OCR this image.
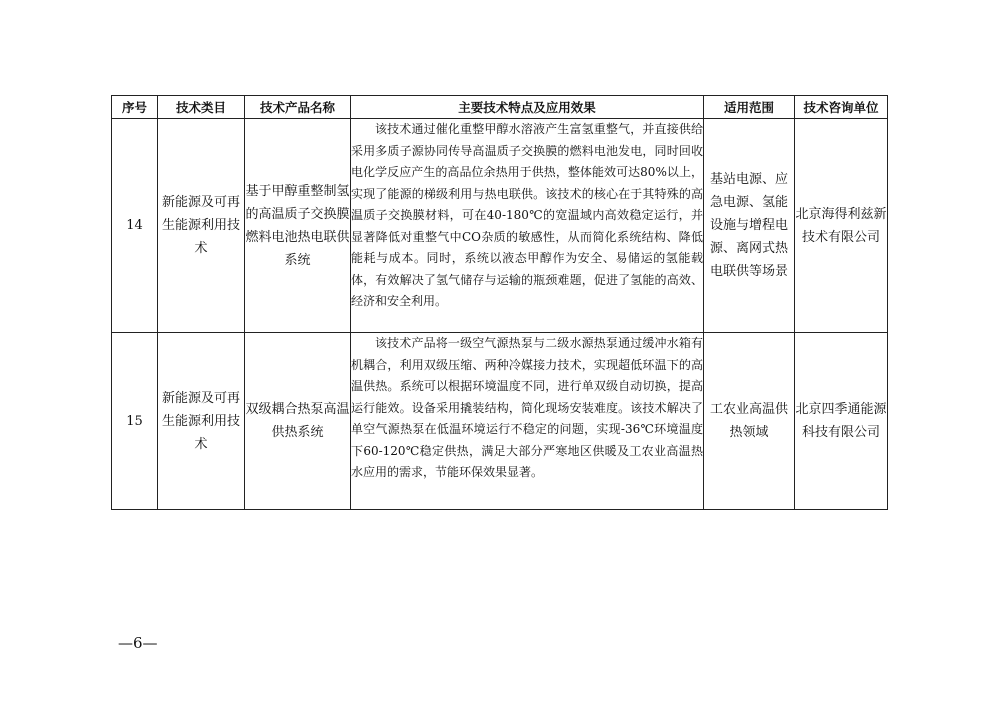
序号	技术类目	技术产品名称	主要技术特点及应用效果	适用范围	技术咨询单位
14	新能源及可再生能源利用技术	基于甲醇重整制氢的高温质子交换膜燃料电池热电联供系统	该技术通过催化重整甲醇水溶液产生富氢重整气，并直接供给采用多质子源协同传导高温质子交换膜的燃料电池发电，同时回收电化学反应产生的高品位余热用于供热，整体能效可达80%以上，实现了能源的梯级利用与热电联供。该技术的核心在于其特殊的高温质子交换膜材料，可在40-180℃的宽温域内高效稳定运行，并显著降低对重整气中CO杂质的敏感性，从而简化系统结构、降低能耗与成本。同时，系统以液态甲醇作为安全、易储运的氢能载体，有效解决了氢气储存与运输的瓶颈难题，促进了氢能的高效、经济和安全利用。	基站电源、应急电源、氢能设施与增程电源、离网式热电联供等场景	北京海得利兹新技术有限公司
15	新能源及可再生能源利用技术	双级耦合热泵高温供热系统	该技术产品将一级空气源热泵与二级水源热泵通过缓冲水箱有机耦合，利用双级压缩、两种冷媒接力技术，实现超低环温下的高温供热。系统可以根据环境温度不同，进行单双级自动切换，提高运行能效。设备采用撬装结构，简化现场安装难度。该技术解决了单空气源热泵在低温环境运行不稳定的问题，实现-36℃环境温度下60-120℃稳定供热，满足大部分严寒地区供暖及工农业高温热水应用的需求，节能环保效果显著。	工农业高温供热领域	北京四季通能源科技有限公司
—6—
